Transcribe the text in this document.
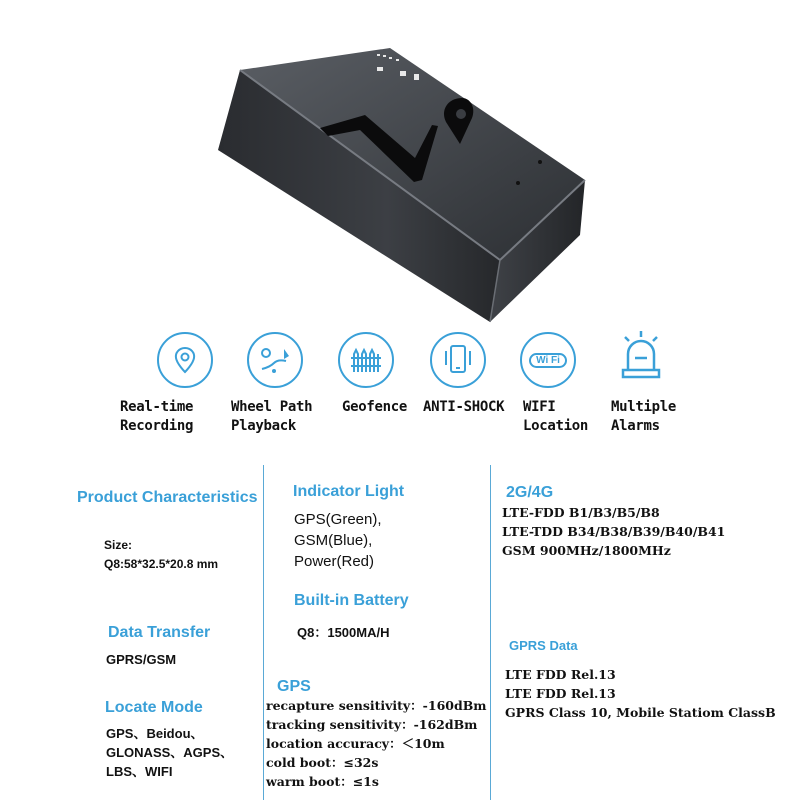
Wi Fi
Real-time
Recording
Wheel Path
Playback
Geofence ANTI-SHOCK WIFI
Location
Multiple
Alarms
Product Characteristics
Size:
Q8:58*32.5*20.8 mm
Data Transfer
GPRS/GSM
Locate Mode
GPS、Beidou、
GLONASS、AGPS、
LBS、WIFI
Indicator Light
GPS(Green),
GSM(Blue),
Power(Red)
Built-in Battery
Q8：1500MA/H
GPS
recapture sensitivity：-160dBm
tracking sensitivity：-162dBm
location accuracy：＜10m
cold boot：≤32s
warm boot：≤1s
2G/4G
LTE-FDD B1/B3/B5/B8
LTE-TDD B34/B38/B39/B40/B41
GSM 900MHz/1800MHz
GPRS Data
LTE FDD Rel.13
LTE FDD Rel.13
GPRS Class 10, Mobile Statiom ClassB
